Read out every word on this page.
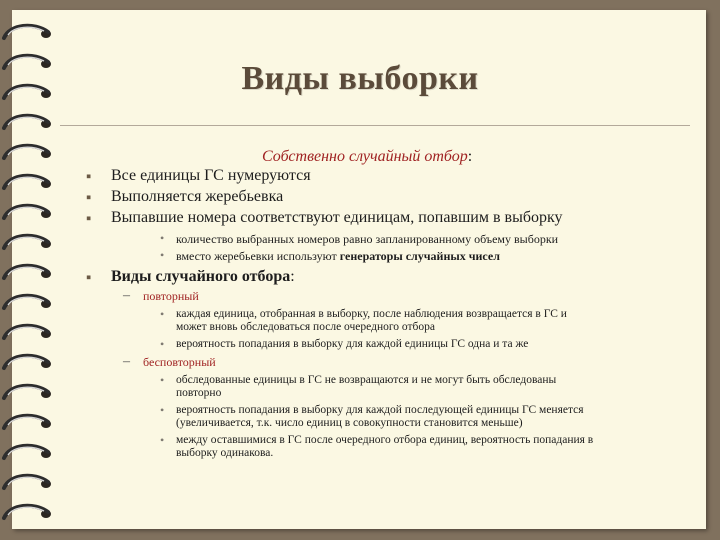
Виды выборки
Собственно случайный отбор:
▪	Все единицы ГС нумеруются
▪	Выполняется жеребьевка
▪	Выпавшие номера соответствуют единицам, попавшим в выборку
• количество выбранных номеров равно запланированному объему выборки
• вместо жеребьевки используют генераторы случайных чисел
▪	Виды случайного отбора:
– повторный
• каждая единица, отобранная в выборку, после наблюдения возвращается в ГС и
может вновь обследоваться после очередного отбора
• вероятность попадания в выборку для каждой единицы ГС одна и та же
– бесповторный
• обследованные единицы в ГС не возвращаются и не могут быть обследованы
повторно
• вероятность попадания в выборку для каждой последующей единицы ГС меняется
(увеличивается, т.к. число единиц в совокупности становится меньше)
• между оставшимися в ГС после очередного отбора единиц, вероятность попадания в
выборку одинакова.
